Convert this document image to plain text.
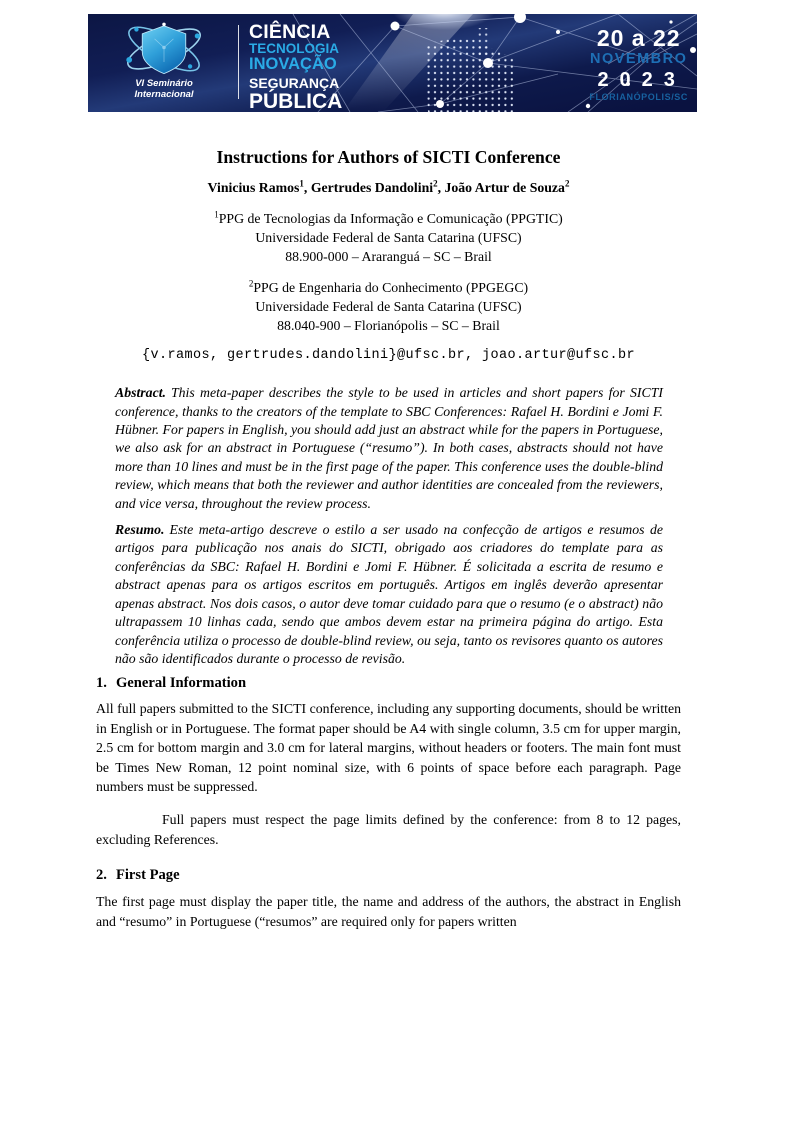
VI Seminário
Internacional
CIÊNCIA
TECNOLOGIA
INOVAÇÃO
SEGURANÇA
PÚBLICA
20 a 22
NOVEMBRO
2023
FLORIANÓPOLIS/SC
Instructions for Authors of SICTI Conference
Vinicius Ramos$^1$, Gertrudes Dandolini$^2$, João Artur de Souza$^2$
$^1$PPG de Tecnologias da Informação e Comunicação (PPGTIC)
Universidade Federal de Santa Catarina (UFSC)
88.900-000 – Araranguá – SC – Brail
$^2$PPG de Engenharia do Conhecimento (PPGEGC)
Universidade Federal de Santa Catarina (UFSC)
88.040-900 – Florianópolis – SC – Brail
{v.ramos, gertrudes.dandolini}@ufsc.br, joao.artur@ufsc.br

Abstract. This meta-paper describes the style to be used in articles and short papers for SICTI conference, thanks to the creators of the template to SBC Conferences: Rafael H. Bordini e Jomi F. Hübner. For papers in English, you should add just an abstract while for the papers in Portuguese, we also ask for an abstract in Portuguese (“resumo”). In both cases, abstracts should not have more than 10 lines and must be in the first page of the paper. This conference uses the double-blind review, which means that both the reviewer and author identities are concealed from the reviewers, and vice versa, throughout the review process.

Resumo. Este meta-artigo descreve o estilo a ser usado na confecção de artigos e resumos de artigos para publicação nos anais do SICTI, obrigado aos criadores do template para as conferências da SBC: Rafael H. Bordini e Jomi F. Hübner. É solicitada a escrita de resumo e abstract apenas para os artigos escritos em português. Artigos em inglês deverão apresentar apenas abstract. Nos dois casos, o autor deve tomar cuidado para que o resumo (e o abstract) não ultrapassem 10 linhas cada, sendo que ambos devem estar na primeira página do artigo. Esta conferência utiliza o processo de double-blind review, ou seja, tanto os revisores quanto os autores não são identificados durante o processo de revisão.

1. General Information

All full papers submitted to the SICTI conference, including any supporting documents, should be written in English or in Portuguese. The format paper should be A4 with single column, 3.5 cm for upper margin, 2.5 cm for bottom margin and 3.0 cm for lateral margins, without headers or footers. The main font must be Times New Roman, 12 point nominal size, with 6 points of space before each paragraph. Page numbers must be suppressed.

Full papers must respect the page limits defined by the conference: from 8 to 12 pages, excluding References.

2. First Page

The first page must display the paper title, the name and address of the authors, the abstract in English and “resumo” in Portuguese (“resumos” are required only for papers written
